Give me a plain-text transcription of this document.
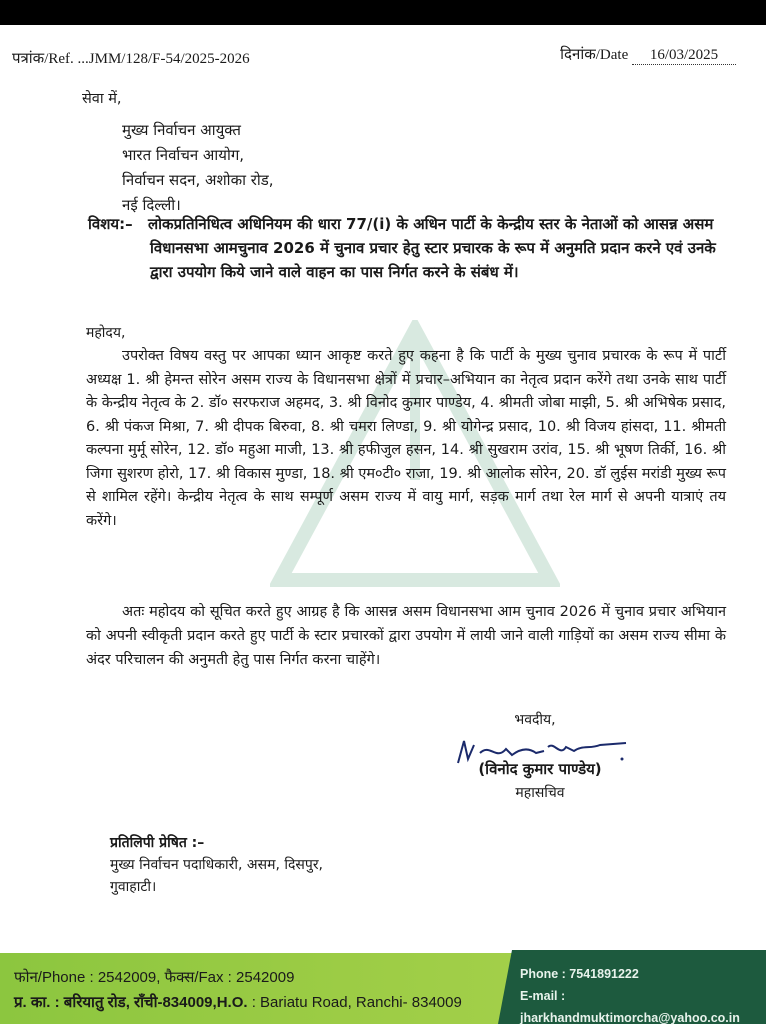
पत्रांक/Ref. ...JMM/128/F-54/2025-2026	दिनांक/Date 16/03/2025
सेवा में,
मुख्य निर्वाचन आयुक्त
भारत निर्वाचन आयोग,
निर्वाचन सदन, अशोका रोड,
नई दिल्ली।
विशय:– लोकप्रतिनिधित्व अधिनियम की धारा 77/(i) के अधिन पार्टी के केन्द्रीय स्तर के नेताओं को आसन्न असम विधानसभा आमचुनाव 2026 में चुनाव प्रचार हेतु स्टार प्रचारक के रूप में अनुमति प्रदान करने एवं उनके द्वारा उपयोग किये जाने वाले वाहन का पास निर्गत करने के संबंध में।
महोदय,

उपरोक्त विषय वस्तु पर आपका ध्यान आकृष्ट करते हुए कहना है कि पार्टी के मुख्य चुनाव प्रचारक के रूप में पार्टी अध्यक्ष 1. श्री हेमन्त सोरेन असम राज्य के विधानसभा क्षेत्रों में प्रचार–अभियान का नेतृत्व प्रदान करेंगे तथा उनके साथ पार्टी के केन्द्रीय नेतृत्व के 2. डॉ० सरफराज अहमद, 3. श्री विनोद कुमार पाण्डेय, 4. श्रीमती जोबा माझी, 5. श्री अभिषेक प्रसाद, 6. श्री पंकज मिश्रा, 7. श्री दीपक बिरुवा, 8. श्री चमरा लिण्डा, 9. श्री योगेन्द्र प्रसाद, 10. श्री विजय हांसदा, 11. श्रीमती कल्पना मुर्मू सोरेन, 12. डॉ० महुआ माजी, 13. श्री हफीजुल हसन, 14. श्री सुखराम उरांव, 15. श्री भूषण तिर्की, 16. श्री जिगा सुशरण होरो, 17. श्री विकास मुण्डा, 18. श्री एम०टी० राजा, 19. श्री आलोक सोरेन, 20. डॉ लुईस मरांडी मुख्य रूप से शामिल रहेंगे। केन्द्रीय नेतृत्व के साथ सम्पूर्ण असम राज्य में वायु मार्ग, सड़क मार्ग तथा रेल मार्ग से अपनी यात्राएं तय करेंगे।

अतः महोदय को सूचित करते हुए आग्रह है कि आसन्न असम विधानसभा आम चुनाव 2026 में चुनाव प्रचार अभियान को अपनी स्वीकृती प्रदान करते हुए पार्टी के स्टार प्रचारकों द्वारा उपयोग में लायी जाने वाली गाड़ियों का असम राज्य सीमा के अंदर परिचालन की अनुमती हेतु पास निर्गत करना चाहेंगे।

भवदीय,
(विनोद कुमार पाण्डेय)
महासचिव
प्रतिलिपी प्रेषित :–
मुख्य निर्वाचन पदाधिकारी, असम, दिसपुर,
गुवाहाटी।
फोन/Phone : 2542009, फैक्स/Fax : 2542009
प्र. का. : बरियातु रोड, राँची-834009,H.O. : Bariatu Road, Ranchi- 834009
Phone : 7541891222
E-mail : jharkhandmuktimorcha@yahoo.co.in
